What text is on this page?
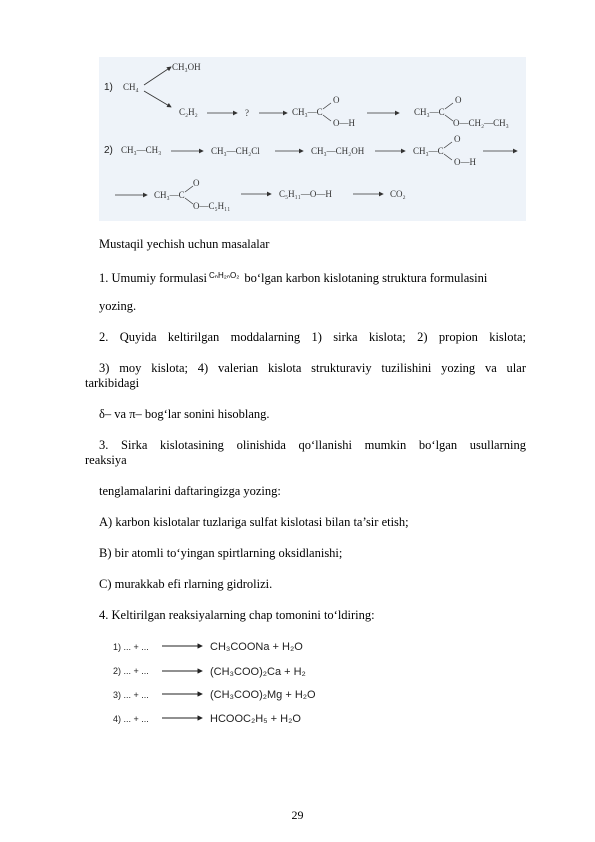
1) CH₄
CH₃OH
C₂H₂	?	CH₃—C
O
O—H
CH₃—C
O
O—CH₂—CH₃
2) CH₃—CH₃	CH₃—CH₂Cl	CH₃—CH₂OH	CH₃—C
O
O—H
CH₃—C
O
O—C₅H₁₁
C₅H₁₁—O—H	CO₂
Mustaqil yechish uchun masalalar
1. Umumiy formulasi $^{C_nH_{2n}O_2}$ bo‘lgan karbon kislotaning struktura formulasini
yozing.
2. Quyida keltirilgan moddalarning 1) sirka kislota; 2) propion kislota;
3) moy kislota; 4) valerian kislota strukturaviy tuzilishini yozing va ular
tarkibidagi
δ– va π– bog‘lar sonini hisoblang.
3. Sirka kislotasining olinishida qo‘llanishi mumkin bo‘lgan usullarning
reaksiya
tenglamalarini daftaringizga yozing:
A) karbon kislotalar tuzlariga sulfat kislotasi bilan ta’sir etish;
B) bir atomli to‘yingan spirtlarning oksidlanishi;
C) murakkab efi rlarning gidrolizi.
4. Keltirilgan reaksiyalarning chap tomonini to‘ldiring:
1) ... + ...	CH₃COONa + H₂O
2) ... + ...	(CH₃COO)₂Ca + H₂
3) ... + ...	(CH₃COO)₂Mg + H₂O
4) ... + ...	HCOOC₂H₅ + H₂O
29
